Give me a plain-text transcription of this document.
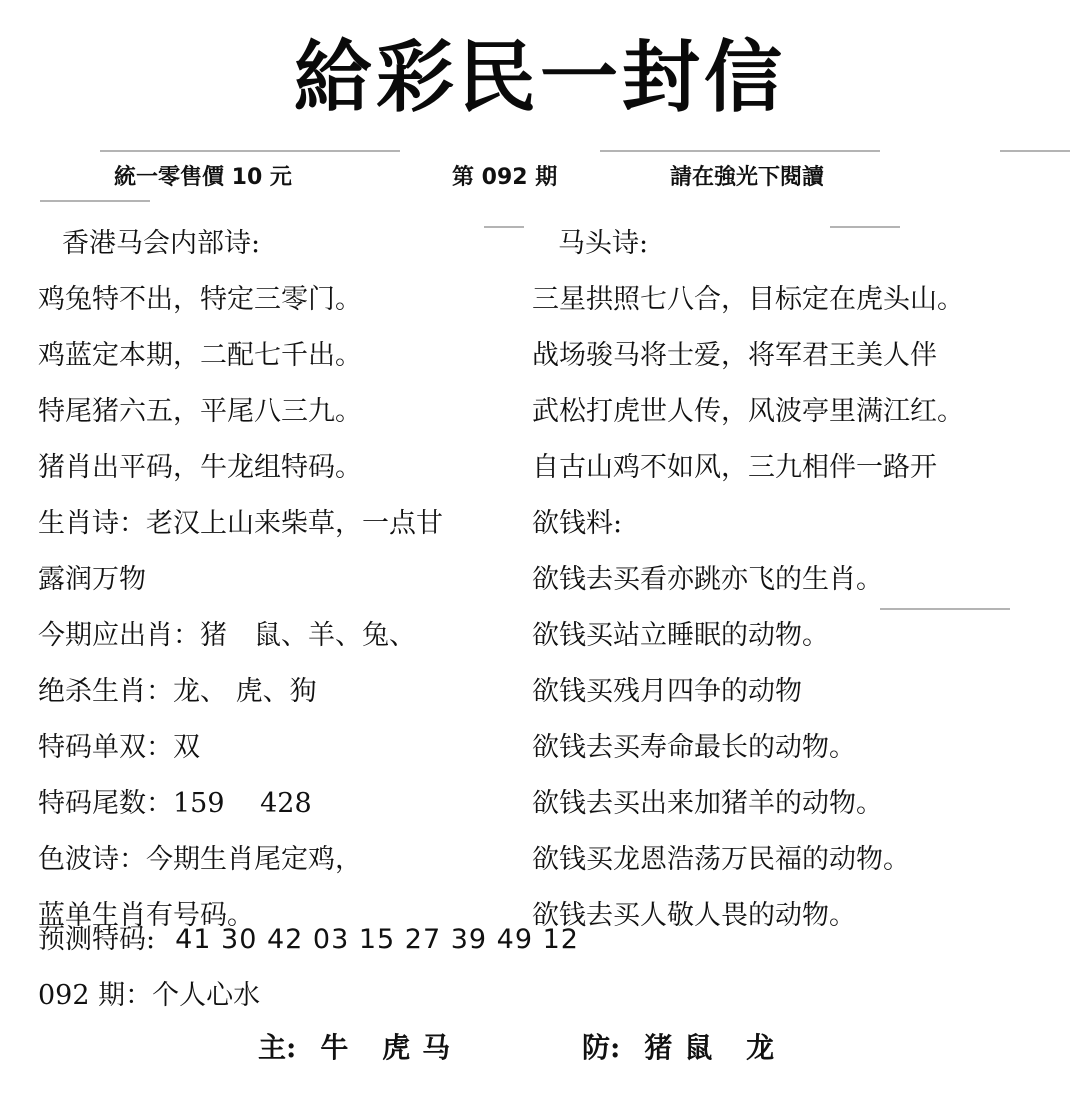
給彩民一封信
統一零售價 10 元	第 092 期	請在強光下閱讀
香港马会内部诗:
鸡兔特不出，特定三零门。
鸡蓝定本期，二配七千出。
特尾猪六五，平尾八三九。
猪肖出平码，牛龙组特码。
生肖诗：老汉上山来柴草，一点甘
露润万物
今期应出肖：猪　鼠、羊、兔、
绝杀生肖：龙、 虎、狗
特码单双：双
特码尾数：159　 428
色波诗：今期生肖尾定鸡，
蓝单生肖有号码。
马头诗:
三星拱照七八合，目标定在虎头山。
战场骏马将士爱，将军君王美人伴
武松打虎世人传，风波亭里满江红。
自古山鸡不如风，三九相伴一路开
欲钱料:
欲钱去买看亦跳亦飞的生肖。
欲钱买站立睡眠的动物。
欲钱买残月四争的动物
欲钱去买寿命最长的动物。
欲钱去买出来加猪羊的动物。
欲钱买龙恩浩荡万民福的动物。
欲钱去买人敬人畏的动物。
预测特码: 41 30 42 03 15 27 39 49 12
092 期：个人心水
主: 牛 虎马	防: 猪鼠 龙
